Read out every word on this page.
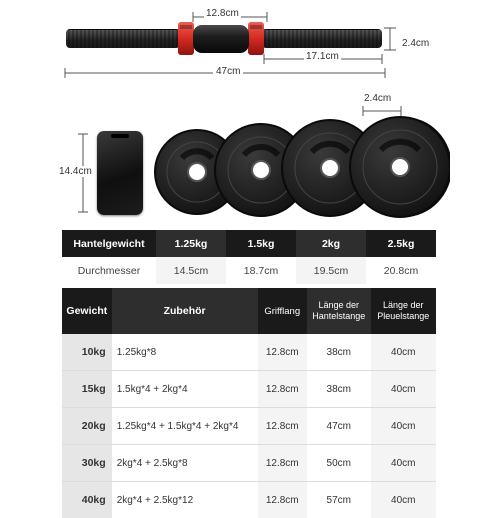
12.8cm
2.4cm
17.1cm
47cm
2.4cm
14.4cm
Hantelgewicht	1.25kg	1.5kg	2kg	2.5kg
Durchmesser	14.5cm	18.7cm	19.5cm	20.8cm
Gewicht	Zubehör	Grifflang	Länge der Hantelstange	Länge der Pleuelstange
10kg	1.25kg*8	12.8cm	38cm	40cm
15kg	1.5kg*4 + 2kg*4	12.8cm	38cm	40cm
20kg	1.25kg*4 + 1.5kg*4 + 2kg*4	12.8cm	47cm	40cm
30kg	2kg*4 + 2.5kg*8	12.8cm	50cm	40cm
40kg	2kg*4 + 2.5kg*12	12.8cm	57cm	40cm
